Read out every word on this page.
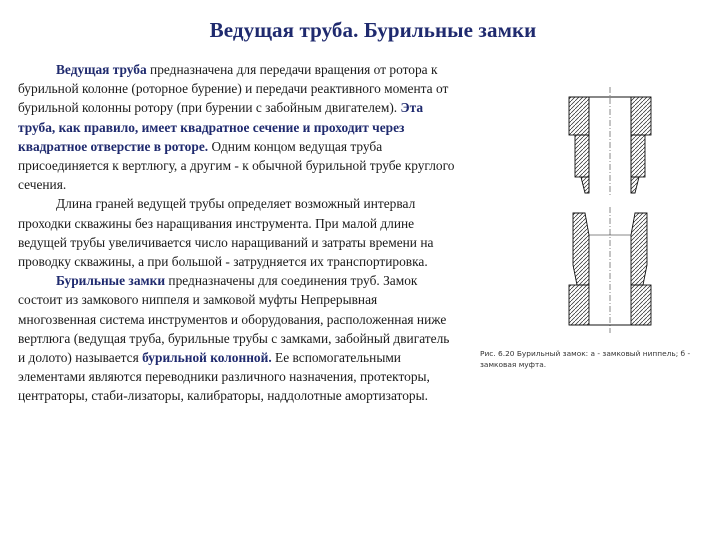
Ведущая труба. Бурильные замки

Ведущая труба предназначена для передачи вращения от ротора к бурильной колонне (роторное бурение) и передачи реактивного момента от бурильной колонны ротору (при бурении с забойным двигателем). Эта труба, как правило, имеет квадратное сечение и проходит через квадратное отверстие в роторе. Одним концом ведущая труба присоединяется к вертлюгу, а другим - к обычной бурильной трубе круглого сечения.

Длина граней ведущей трубы определяет возможный интервал проходки скважины без наращивания инструмента. При малой длине ведущей трубы увеличивается число наращиваний и затраты времени на проводку скважины, а при большой - затрудняется их транспортировка.

Бурильные замки предназначены для соединения труб. Замок состоит из замкового ниппеля и замковой муфты Непрерывная многозвенная система инструментов и оборудования, расположенная ниже вертлюга (ведущая труба, бурильные трубы с замками, забойный двигатель и долото) называется бурильной колонной. Ее вспомогательными элементами являются переводники различного назначения, протекторы, центраторы, стаби-лизаторы, калибраторы, наддолотные амортизаторы.

Рис. 6.20 Бурильный замок: а - замковый ниппель; б - замковая муфта.
